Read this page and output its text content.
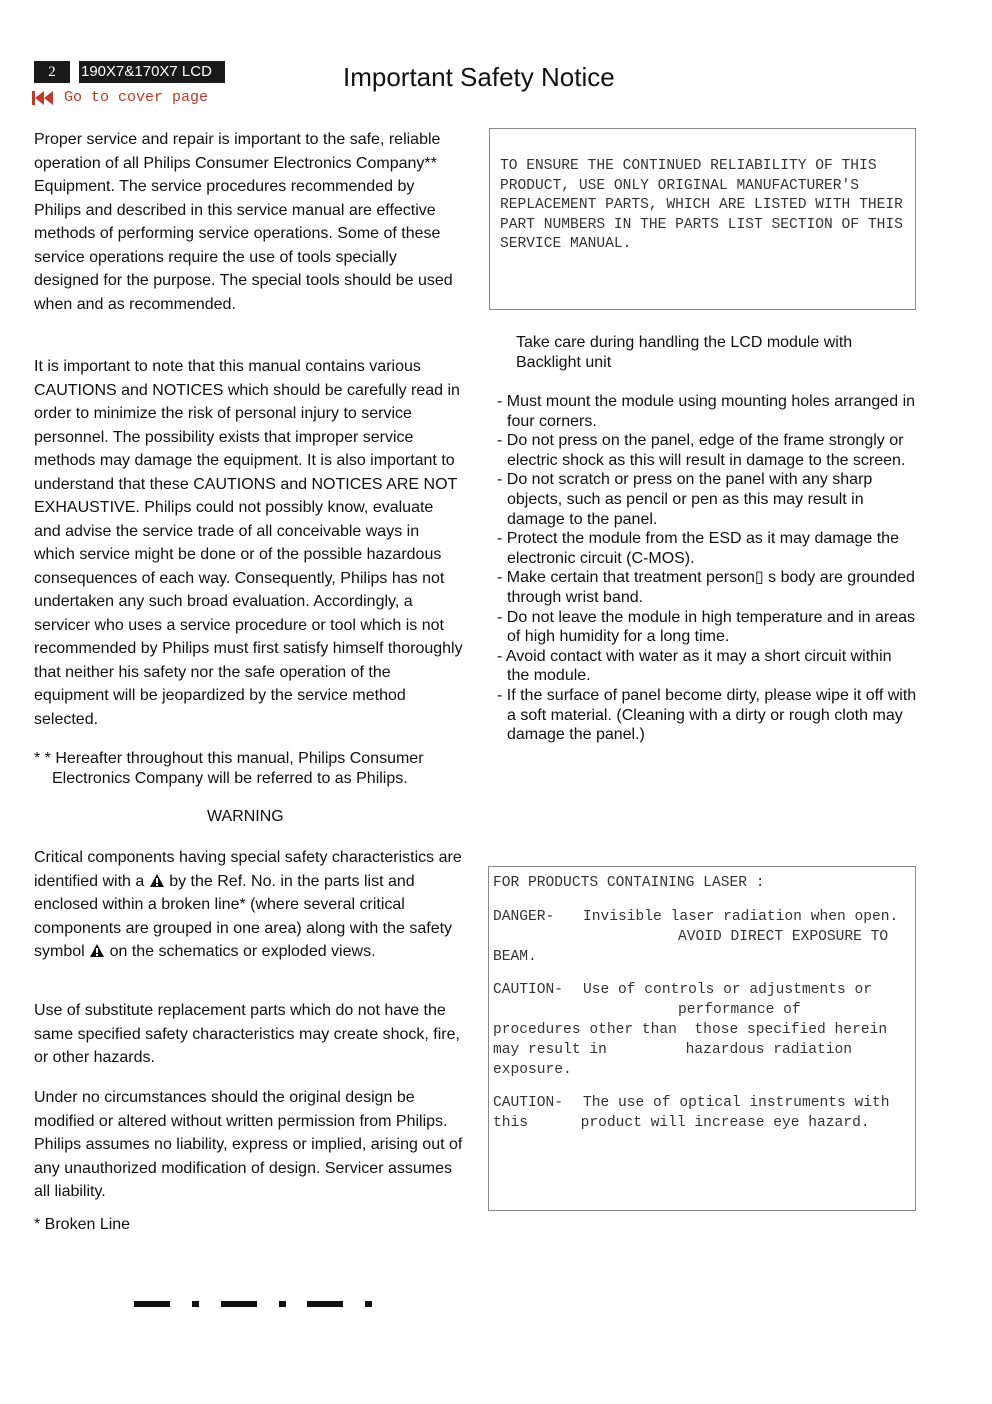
2	190X7&170X7 LCD	Important Safety Notice
Go to cover page

Proper service and repair is important to the safe, reliable operation of all Philips Consumer Electronics Company** Equipment. The service procedures recommended by Philips and described in this service manual are effective methods of performing service operations. Some of these service operations require the use of tools specially designed for the purpose. The special tools should be used when and as recommended.

It is important to note that this manual contains various CAUTIONS and NOTICES which should be carefully read in order to minimize the risk of personal injury to service personnel. The possibility exists that improper service methods may damage the equipment. It is also important to understand that these CAUTIONS and NOTICES ARE NOT EXHAUSTIVE. Philips could not possibly know, evaluate and advise the service trade of all conceivable ways in which service might be done or of the possible hazardous consequences of each way. Consequently, Philips has not undertaken any such broad evaluation. Accordingly, a servicer who uses a service procedure or tool which is not recommended by Philips must first satisfy himself thoroughly that neither his safety nor the safe operation of the equipment will be jeopardized by the service method selected.

* * Hereafter throughout this manual, Philips Consumer
Electronics Company will be referred to as Philips.
WARNING

Critical components having special safety characteristics are identified with a by the Ref. No. in the parts list and enclosed within a broken line* (where several critical components are grouped in one area) along with the safety symbol on the schematics or exploded views.

Use of substitute replacement parts which do not have the same specified safety characteristics may create shock, fire, or other hazards.

Under no circumstances should the original design be modified or altered without written permission from Philips. Philips assumes no liability, express or implied, arising out of any unauthorized modification of design. Servicer assumes all liability.

* Broken Line
TO ENSURE THE CONTINUED RELIABILITY OF THIS PRODUCT, USE ONLY ORIGINAL MANUFACTURER'S REPLACEMENT PARTS, WHICH ARE LISTED WITH THEIR PART NUMBERS IN THE PARTS LIST SECTION OF THIS SERVICE MANUAL.
Take care during handling the LCD module with
Backlight unit

- Must mount the module using mounting holes arranged in four corners.

- Do not press on the panel, edge of the frame strongly or electric shock as this will result in damage to the screen.

- Do not scratch or press on the panel with any sharp objects, such as pencil or pen as this may result in damage to the panel.

- Protect the module from the ESD as it may damage the electronic circuit (C-MOS).

- Make certain that treatment person▯ s body are grounded through wrist band.

- Do not leave the module in high temperature and in areas of high humidity for a long time.

- Avoid contact with water as it may a short circuit within the module.

- If the surface of panel become dirty, please wipe it off with a soft material. (Cleaning with a dirty or rough cloth may damage the panel.)

FOR PRODUCTS CONTAINING LASER :
DANGER- Invisible laser radiation when open.
AVOID DIRECT EXPOSURE TO
BEAM.
CAUTION- Use of controls or adjustments or
performance of
procedures other than  those specified herein
may result in         hazardous radiation
exposure.
CAUTION- The use of optical instruments with
this      product will increase eye hazard.
